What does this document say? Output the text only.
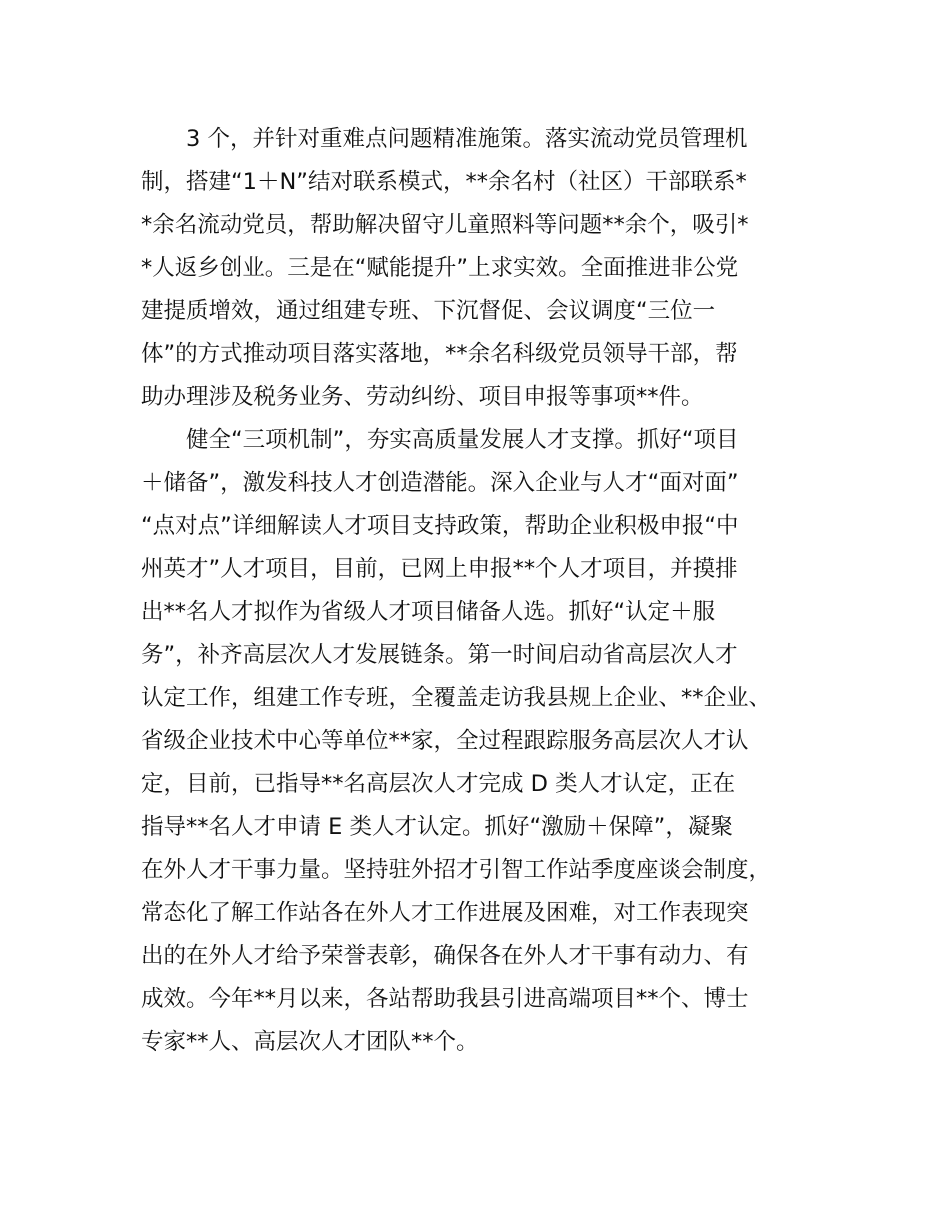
3 个，并针对重难点问题精准施策。落实流动党员管理机
制，搭建“1＋N”结对联系模式，**余名村（社区）干部联系*
*余名流动党员，帮助解决留守儿童照料等问题**余个，吸引*
*人返乡创业。三是在“赋能提升”上求实效。全面推进非公党
建提质增效，通过组建专班、下沉督促、会议调度“三位一
体”的方式推动项目落实落地，**余名科级党员领导干部，帮
助办理涉及税务业务、劳动纠纷、项目申报等事项**件。
健全“三项机制”，夯实高质量发展人才支撑。抓好“项目
＋储备”，激发科技人才创造潜能。深入企业与人才“面对面”
“点对点”详细解读人才项目支持政策，帮助企业积极申报“中
州英才”人才项目，目前，已网上申报**个人才项目，并摸排
出**名人才拟作为省级人才项目储备人选。抓好“认定＋服
务”，补齐高层次人才发展链条。第一时间启动省高层次人才
认定工作，组建工作专班，全覆盖走访我县规上企业、**企业、
省级企业技术中心等单位**家，全过程跟踪服务高层次人才认
定，目前，已指导**名高层次人才完成 D 类人才认定，正在
指导**名人才申请 E 类人才认定。抓好“激励＋保障”，凝聚
在外人才干事力量。坚持驻外招才引智工作站季度座谈会制度，
常态化了解工作站各在外人才工作进展及困难，对工作表现突
出的在外人才给予荣誉表彰，确保各在外人才干事有动力、有
成效。今年**月以来，各站帮助我县引进高端项目**个、博士
专家**人、高层次人才团队**个。
